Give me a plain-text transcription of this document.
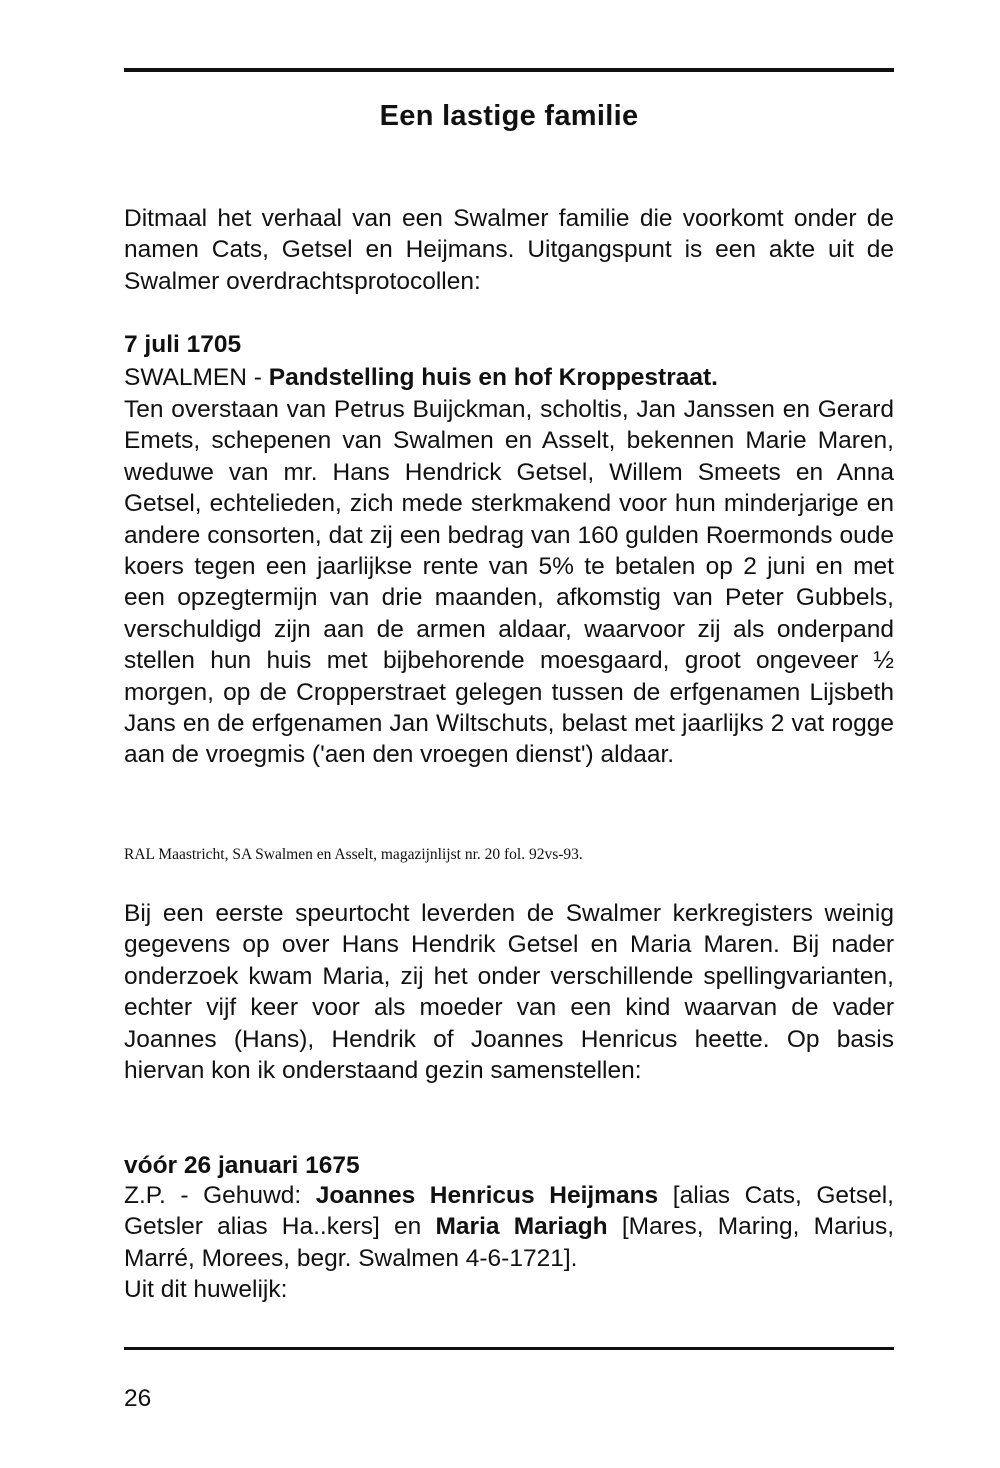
Een lastige familie

Ditmaal het verhaal van een Swalmer familie die voorkomt onder de namen Cats, Getsel en Heijmans. Uitgangspunt is een akte uit de Swalmer overdrachtsprotocollen:

7 juli 1705

SWALMEN - Pandstelling huis en hof Kroppestraat.

Ten overstaan van Petrus Buijckman, scholtis, Jan Janssen en Gerard Emets, schepenen van Swalmen en Asselt, bekennen Marie Maren, weduwe van mr. Hans Hendrick Getsel, Willem Smeets en Anna Getsel, echtelieden, zich mede sterkmakend voor hun minderjarige en andere consorten, dat zij een bedrag van 160 gulden Roermonds oude koers tegen een jaarlijkse rente van 5% te betalen op 2 juni en met een opzegtermijn van drie maanden, afkomstig van Peter Gubbels, verschuldigd zijn aan de armen aldaar, waarvoor zij als onderpand stellen hun huis met bijbehorende moesgaard, groot ongeveer ½ morgen, op de Cropperstraet gelegen tussen de erfgenamen Lijsbeth Jans en de erfgenamen Jan Wiltschuts, belast met jaarlijks 2 vat rogge aan de vroegmis ('aen den vroegen dienst') aldaar.

RAL Maastricht, SA Swalmen en Asselt, magazijnlijst nr. 20 fol. 92vs-93.

Bij een eerste speurtocht leverden de Swalmer kerkregisters weinig gegevens op over Hans Hendrik Getsel en Maria Maren. Bij nader onderzoek kwam Maria, zij het onder verschillende spellingvarianten, echter vijf keer voor als moeder van een kind waarvan de vader Joannes (Hans), Hendrik of Joannes Henricus heette. Op basis hiervan kon ik onderstaand gezin samenstellen:

vóór 26 januari 1675

Z.P. - Gehuwd: Joannes Henricus Heijmans [alias Cats, Getsel, Getsler alias Ha..kers] en Maria Mariagh [Mares, Maring, Marius, Marré, Morees, begr. Swalmen 4-6-1721].
Uit dit huwelijk:

26
